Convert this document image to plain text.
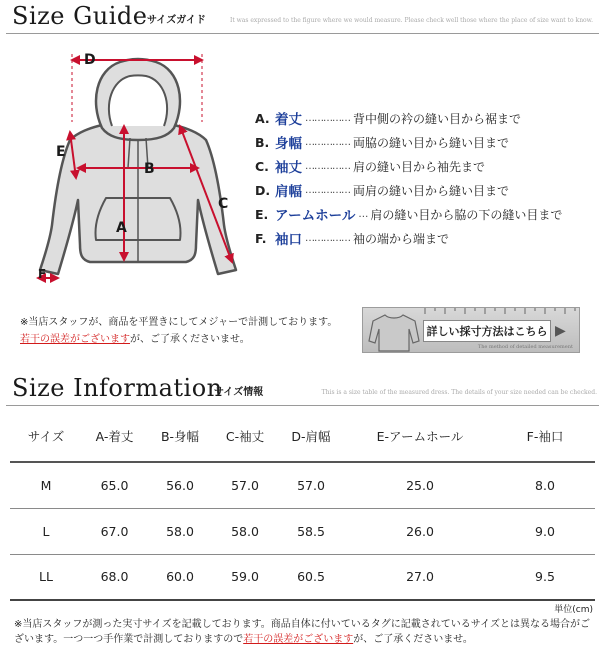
Size Guide サイズガイド	It was expressed to the figure where we would measure. Please check well those where the place of size want to know.
D
A
B
C
E
F
A. 着丈 …………… 背中側の衿の縫い目から裾まで
B. 身幅 …………… 両脇の縫い目から縫い目まで
C. 袖丈 …………… 肩の縫い目から袖先まで
D. 肩幅 …………… 両肩の縫い目から縫い目まで
E. アームホール … 肩の縫い目から脇の下の縫い目まで
F. 袖口 …………… 袖の端から端まで
※当店スタッフが、商品を平置きにしてメジャーで計測しております。
若干の誤差がございますが、ご了承くださいませ。
詳しい採寸方法はこちら ▶
The method of detailed measurement
Size Information
サイズ情報	This is a size table of the measured dress. The details of your size needed can be checked.
サイズ	A-着丈	B-身幅	C-袖丈	D-肩幅	E-アームホール	F-袖口
M	65.0	56.0	57.0	57.0	25.0	8.0
L	67.0	58.0	58.0	58.5	26.0	9.0
LL	68.0	60.0	59.0	60.5	27.0	9.5
単位(cm)
※当店スタッフが測った実寸サイズを記載しております。商品自体に付いているタグに記載されているサイズとは異なる場合がございます。一つ一つ手作業で計測しておりますので若干の誤差がございますが、ご了承くださいませ。
